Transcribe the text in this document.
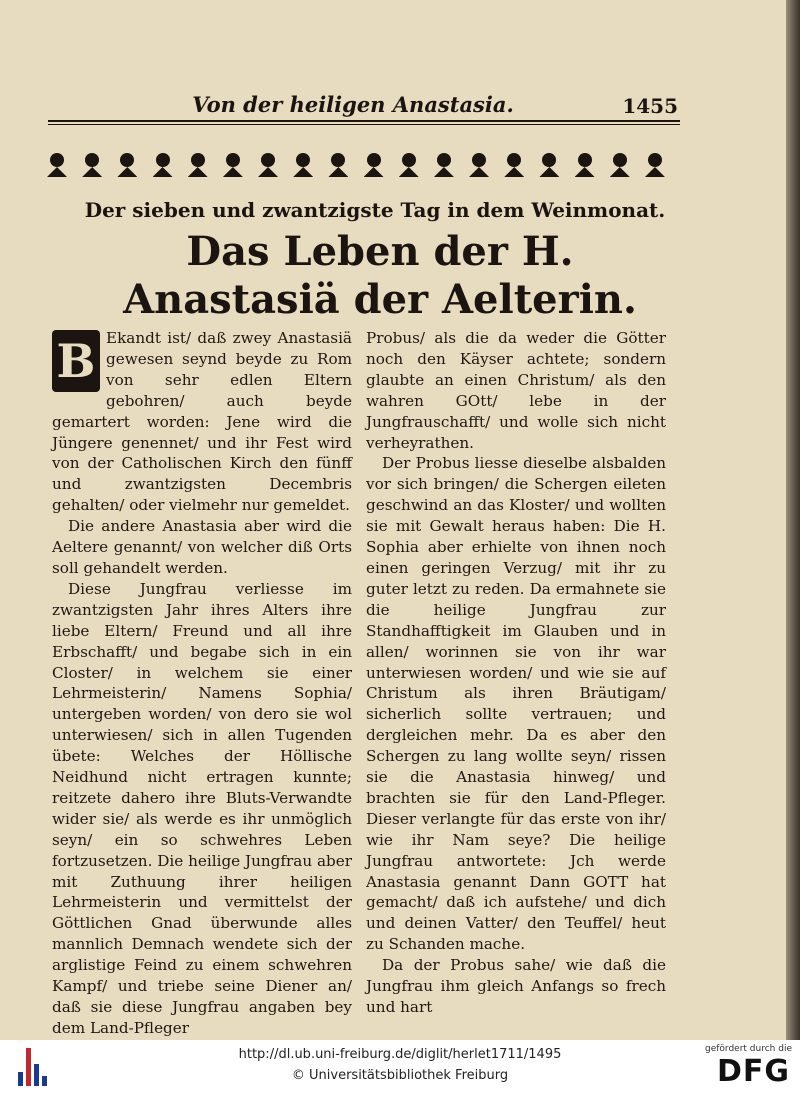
Von der heiligen Anastasia.	1455
Der sieben und zwantzigste Tag in dem Weinmonat.
Das Leben der H. Anastasiä der Aelterin.
B Ekandt ist/ daß zwey Anastasiä gewesen seynd beyde zu Rom von sehr edlen Eltern gebohren/ auch beyde gemartert worden: Jene wird die Jüngere genennet/ und ihr Fest wird von der Catholischen Kirch den fünff und zwantzigsten Decembris gehalten/ oder vielmehr nur gemeldet.

Die andere Anastasia aber wird die Aeltere genannt/ von welcher diß Orts soll gehandelt werden.

Diese Jungfrau verliesse im zwantzigsten Jahr ihres Alters ihre liebe Eltern/ Freund und all ihre Erbschafft/ und begabe sich in ein Closter/ in welchem sie einer Lehrmeisterin/ Namens Sophia/ untergeben worden/ von dero sie wol unterwiesen/ sich in allen Tugenden übete: Welches der Höllische Neidhund nicht ertragen kunnte; reitzete dahero ihre Bluts-Verwandte wider sie/ als werde es ihr unmöglich seyn/ ein so schwehres Leben fortzusetzen. Die heilige Jungfrau aber mit Zuthuung ihrer heiligen Lehrmeisterin und vermittelst der Göttlichen Gnad überwunde alles mannlich Demnach wendete sich der arglistige Feind zu einem schwehren Kampf/ und triebe seine Diener an/ daß sie diese Jungfrau angaben bey dem Land-Pfleger

Probus/ als die da weder die Götter noch den Käyser achtete; sondern glaubte an einen Christum/ als den wahren GOtt/ lebe in der Jungfrauschafft/ und wolle sich nicht verheyrathen.

Der Probus liesse dieselbe alsbalden vor sich bringen/ die Schergen eileten geschwind an das Kloster/ und wollten sie mit Gewalt heraus haben: Die H. Sophia aber erhielte von ihnen noch einen geringen Verzug/ mit ihr zu guter letzt zu reden. Da ermahnete sie die heilige Jungfrau zur Standhafftigkeit im Glauben und in allen/ worinnen sie von ihr war unterwiesen worden/ und wie sie auf Christum als ihren Bräutigam/ sicherlich sollte vertrauen; und dergleichen mehr. Da es aber den Schergen zu lang wollte seyn/ rissen sie die Anastasia hinweg/ und brachten sie für den Land-Pfleger. Dieser verlangte für das erste von ihr/ wie ihr Nam seye? Die heilige Jungfrau antwortete: Jch werde Anastasia genannt Dann GOTT hat gemacht/ daß ich aufstehe/ und dich und deinen Vatter/ den Teuffel/ heut zu Schanden mache.

Da der Probus sahe/ wie daß die Jungfrau ihm gleich Anfangs so frech und hart

http://dl.ub.uni-freiburg.de/diglit/herlet1711/1495
© Universitätsbibliothek Freiburg
gefördert durch die
DFG
